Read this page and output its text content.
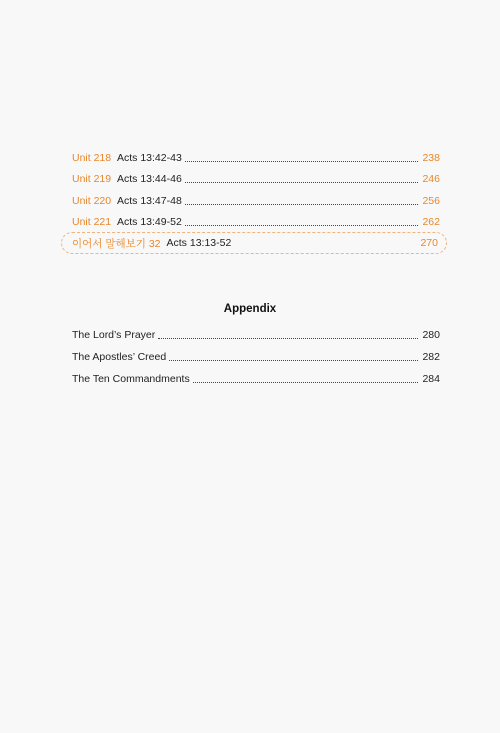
Unit 218 Acts 13:42-43	238
Unit 219 Acts 13:44-46	246
Unit 220 Acts 13:47-48	256
Unit 221 Acts 13:49-52	262
이어서 말해보기 32 Acts 13:13-52	270
Appendix
The Lord’s Prayer	280
The Apostles’ Creed	282
The Ten Commandments	284
